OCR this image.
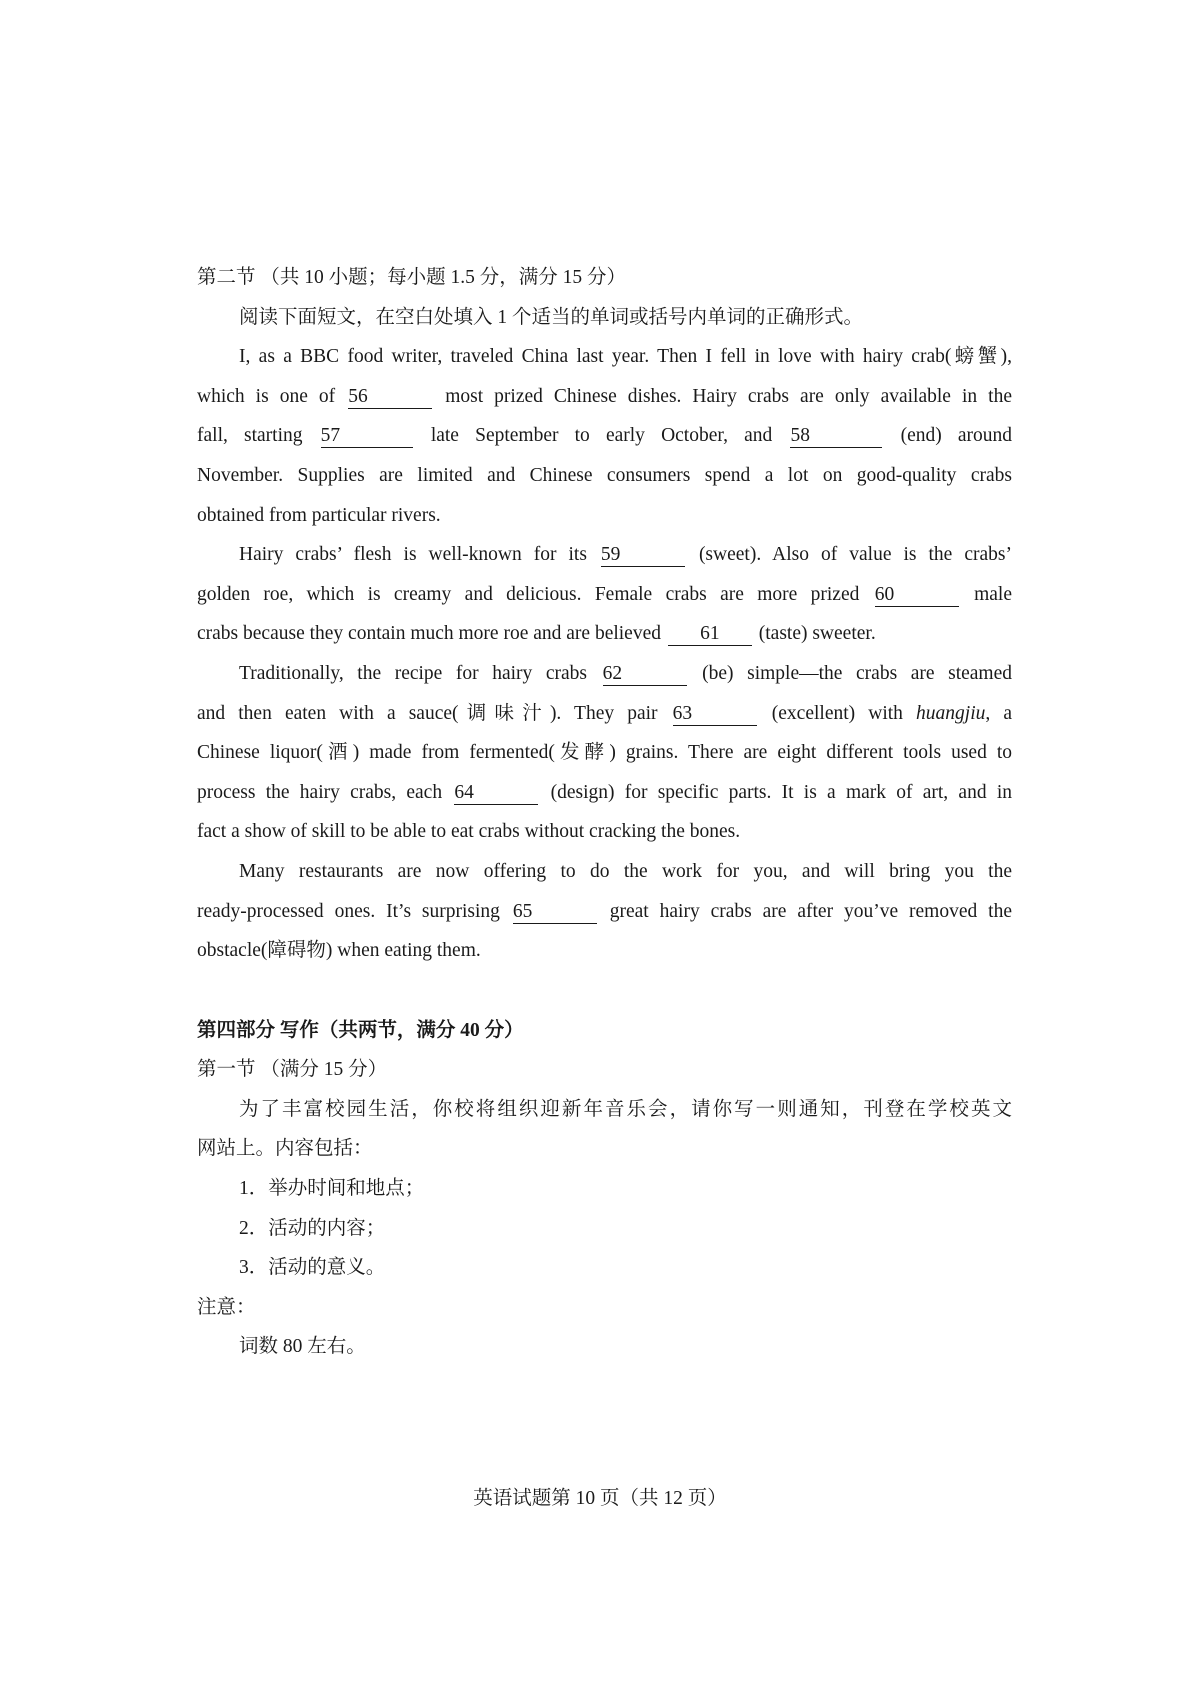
第二节 （共 10 小题；每小题 1.5 分，满分 15 分）
阅读下面短文，在空白处填入 1 个适当的单词或括号内单词的正确形式。
I, as a BBC food writer, traveled China last year. Then I fell in love with hairy crab(螃蟹),
which is one of 56	most prized Chinese dishes. Hairy crabs are only available in the
fall, starting 57	late September to early October, and 58	(end) around
November. Supplies are limited and Chinese consumers spend a lot on good-quality crabs
obtained from particular rivers.
Hairy crabs’ flesh is well-known for its 59	(sweet). Also of value is the crabs’
golden roe, which is creamy and delicious. Female crabs are more prized 60	male
crabs because they contain much more roe and are believed 61 (taste) sweeter.
Traditionally, the recipe for hairy crabs 62	(be) simple—the crabs are steamed
and then eaten with a sauce(调味汁). They pair 63	(excellent) with huangjiu, a
Chinese liquor(酒) made from fermented(发酵) grains. There are eight different tools used to
process the hairy crabs, each 64	(design) for specific parts. It is a mark of art, and in
fact a show of skill to be able to eat crabs without cracking the bones.
Many restaurants are now offering to do the work for you, and will bring you the
ready-processed ones. It’s surprising 65	great hairy crabs are after you’ve removed the
obstacle(障碍物) when eating them.
第四部分 写作（共两节，满分 40 分）
第一节 （满分 15 分）
为了丰富校园生活，你校将组织迎新年音乐会，请你写一则通知，刊登在学校英文
网站上。内容包括：
1．举办时间和地点；
2．活动的内容；
3．活动的意义。
注意：
词数 80 左右。
英语试题第 10 页（共 12 页）
